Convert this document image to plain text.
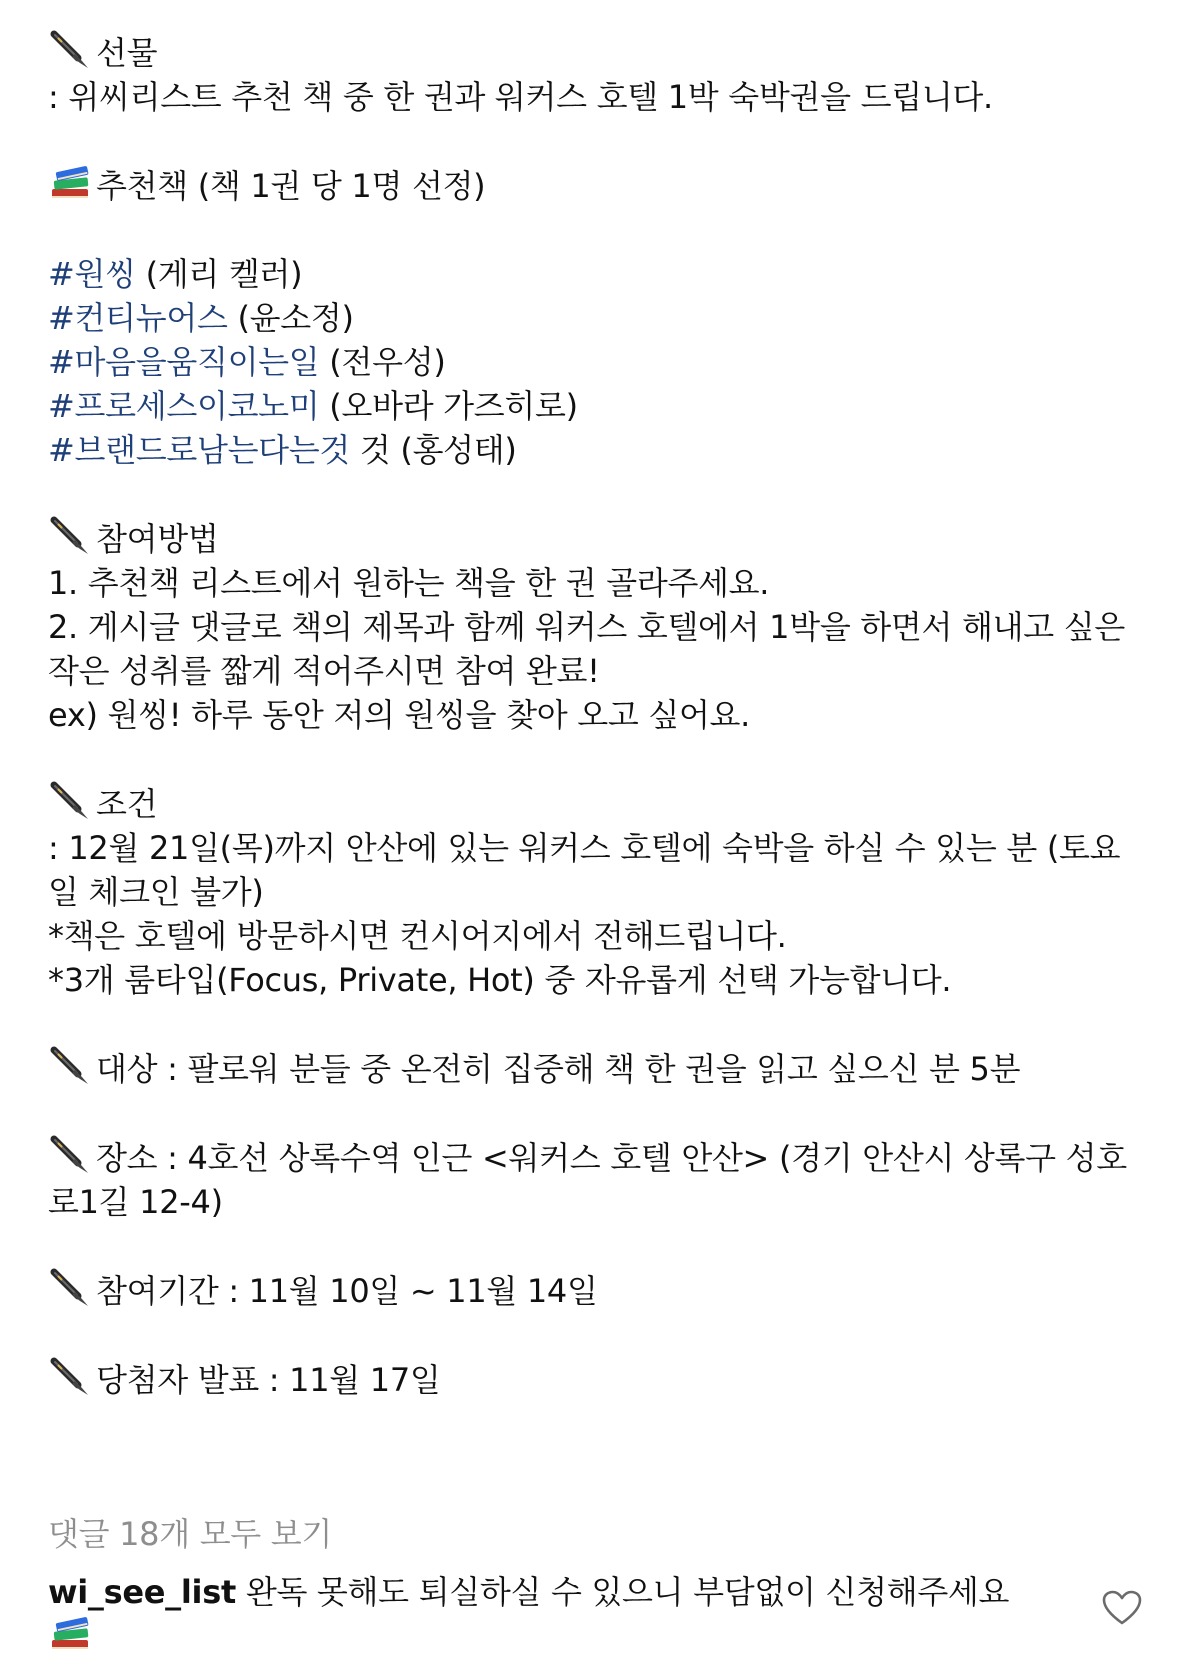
선물
: 위씨리스트 추천 책 중 한 권과 워커스 호텔 1박 숙박권을 드립니다.
추천책 (책 1권 당 1명 선정)
#원씽 (게리 켈러)
#컨티뉴어스 (윤소정)
#마음을움직이는일 (전우성)
#프로세스이코노미 (오바라 가즈히로)
#브랜드로남는다는것 것 (홍성태)
참여방법
1. 추천책 리스트에서 원하는 책을 한 권 골라주세요.
2. 게시글 댓글로 책의 제목과 함께 워커스 호텔에서 1박을 하면서 해내고 싶은 작은 성취를 짧게 적어주시면 참여 완료!
ex) 원씽! 하루 동안 저의 원씽을 찾아 오고 싶어요.
조건
: 12월 21일(목)까지 안산에 있는 워커스 호텔에 숙박을 하실 수 있는 분 (토요일 체크인 불가)
*책은 호텔에 방문하시면 컨시어지에서 전해드립니다.
*3개 룸타입(Focus, Private, Hot) 중 자유롭게 선택 가능합니다.
대상 : 팔로워 분들 중 온전히 집중해 책 한 권을 읽고 싶으신 분 5분
장소 : 4호선 상록수역 인근 <워커스 호텔 안산> (경기 안산시 상록구 성호로1길 12-4)
참여기간 : 11월 10일 ~ 11월 14일
당첨자 발표 : 11월 17일
댓글 18개 모두 보기
wi_see_list 완독 못해도 퇴실하실 수 있으니 부담없이 신청해주세요
